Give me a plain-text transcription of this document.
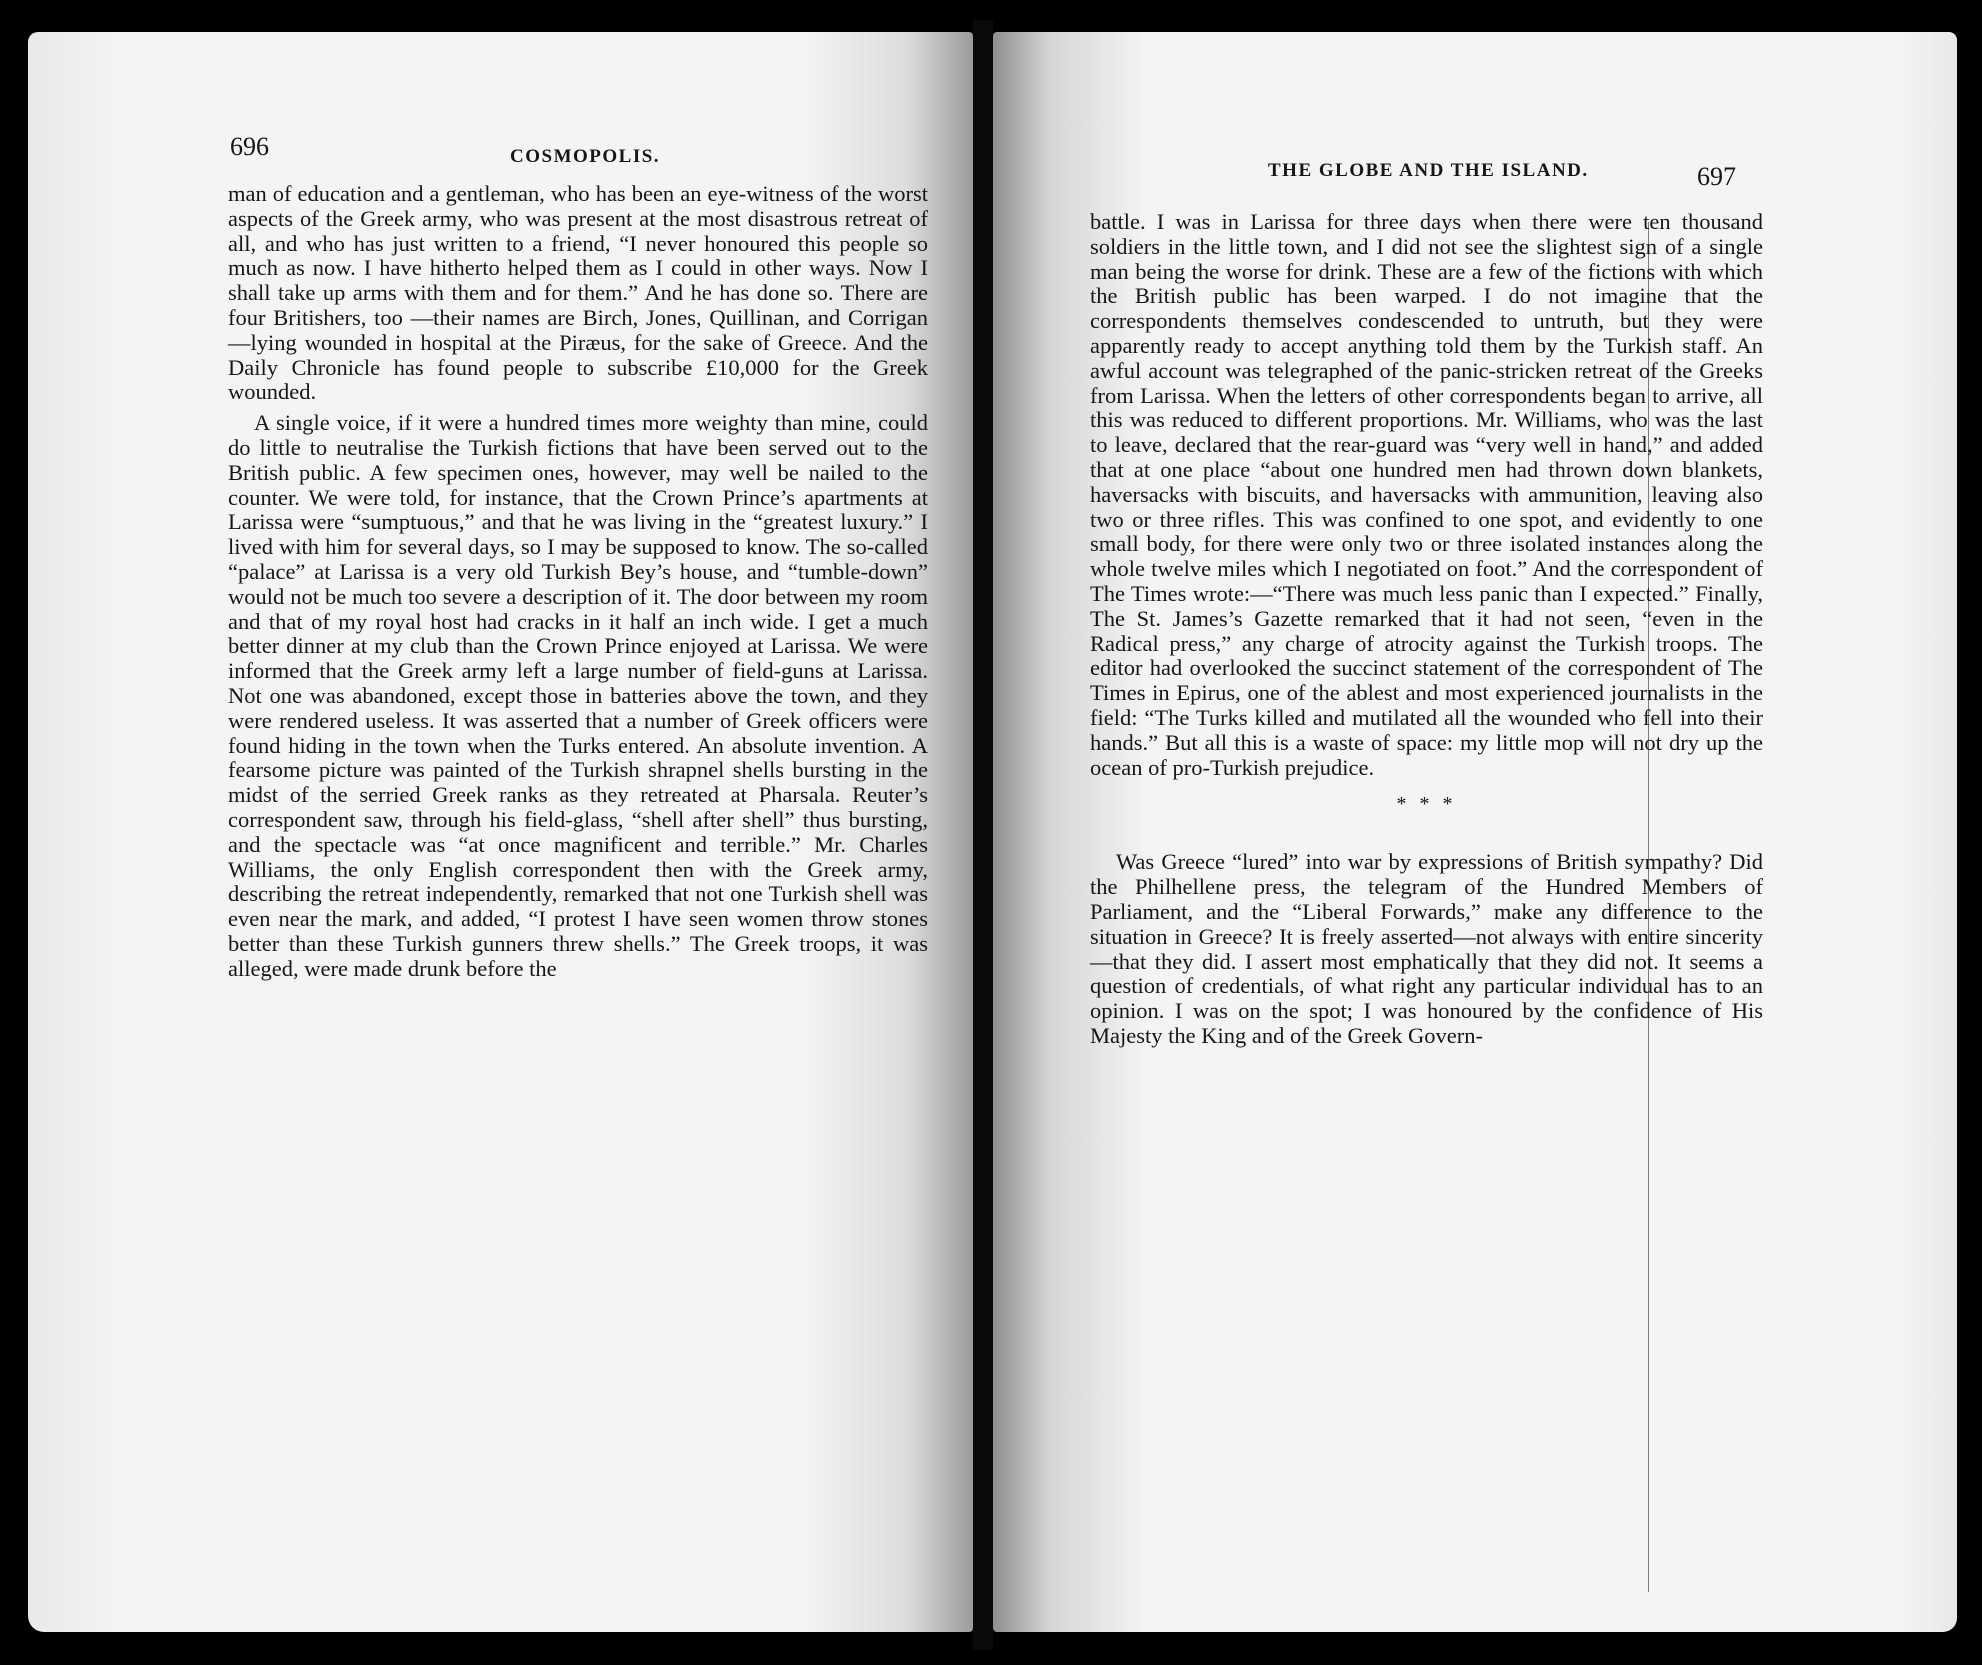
696	COSMOPOLIS.

man of education and a gentleman, who has been an eye-witness of the worst aspects of the Greek army, who was present at the most disastrous retreat of all, and who has just written to a friend, “I never honoured this people so much as now. I have hitherto helped them as I could in other ways. Now I shall take up arms with them and for them.” And he has done so. There are four Britishers, too —their names are Birch, Jones, Quillinan, and Corrigan—lying wounded in hospital at the Piræus, for the sake of Greece. And the Daily Chronicle has found people to subscribe £10,000 for the Greek wounded.

A single voice, if it were a hundred times more weighty than mine, could do little to neutralise the Turkish fictions that have been served out to the British public. A few specimen ones, however, may well be nailed to the counter. We were told, for instance, that the Crown Prince’s apartments at Larissa were “sumptuous,” and that he was living in the “greatest luxury.” I lived with him for several days, so I may be supposed to know. The so-called “palace” at Larissa is a very old Turkish Bey’s house, and “tumble-down” would not be much too severe a description of it. The door between my room and that of my royal host had cracks in it half an inch wide. I get a much better dinner at my club than the Crown Prince enjoyed at Larissa. We were informed that the Greek army left a large number of field-guns at Larissa. Not one was abandoned, except those in batteries above the town, and they were rendered useless. It was asserted that a number of Greek officers were found hiding in the town when the Turks entered. An absolute invention. A fearsome picture was painted of the Turkish shrapnel shells bursting in the midst of the serried Greek ranks as they retreated at Pharsala. Reuter’s correspondent saw, through his field-glass, “shell after shell” thus bursting, and the spectacle was “at once magnificent and terrible.” Mr. Charles Williams, the only English correspondent then with the Greek army, describing the retreat independently, remarked that not one Turkish shell was even near the mark, and added, “I protest I have seen women throw stones better than these Turkish gunners threw shells.” The Greek troops, it was alleged, were made drunk before the

THE GLOBE AND THE ISLAND.	697

battle. I was in Larissa for three days when there were ten thousand soldiers in the little town, and I did not see the slightest sign of a single man being the worse for drink. These are a few of the fictions with which the British public has been warped. I do not imagine that the correspondents themselves condescended to untruth, but they were apparently ready to accept anything told them by the Turkish staff. An awful account was telegraphed of the panic-stricken retreat of the Greeks from Larissa. When the letters of other correspondents began to arrive, all this was reduced to different proportions. Mr. Williams, who was the last to leave, declared that the rear-guard was “very well in hand,” and added that at one place “about one hundred men had thrown down blankets, haversacks with biscuits, and haversacks with ammunition, leaving also two or three rifles. This was confined to one spot, and evidently to one small body, for there were only two or three isolated instances along the whole twelve miles which I negotiated on foot.” And the correspondent of The Times wrote:—“There was much less panic than I expected.” Finally, The St. James’s Gazette remarked that it had not seen, “even in the Radical press,” any charge of atrocity against the Turkish troops. The editor had overlooked the succinct statement of the correspondent of The Times in Epirus, one of the ablest and most experienced journalists in the field: “The Turks killed and mutilated all the wounded who fell into their hands.” But all this is a waste of space: my little mop will not dry up the ocean of pro-Turkish prejudice.

* * *

Was Greece “lured” into war by expressions of British sympathy? Did the Philhellene press, the telegram of the Hundred Members of Parliament, and the “Liberal Forwards,” make any difference to the situation in Greece? It is freely asserted—not always with entire sincerity—that they did. I assert most emphatically that they did not. It seems a question of credentials, of what right any particular individual has to an opinion. I was on the spot; I was honoured by the confidence of His Majesty the King and of the Greek Govern-
